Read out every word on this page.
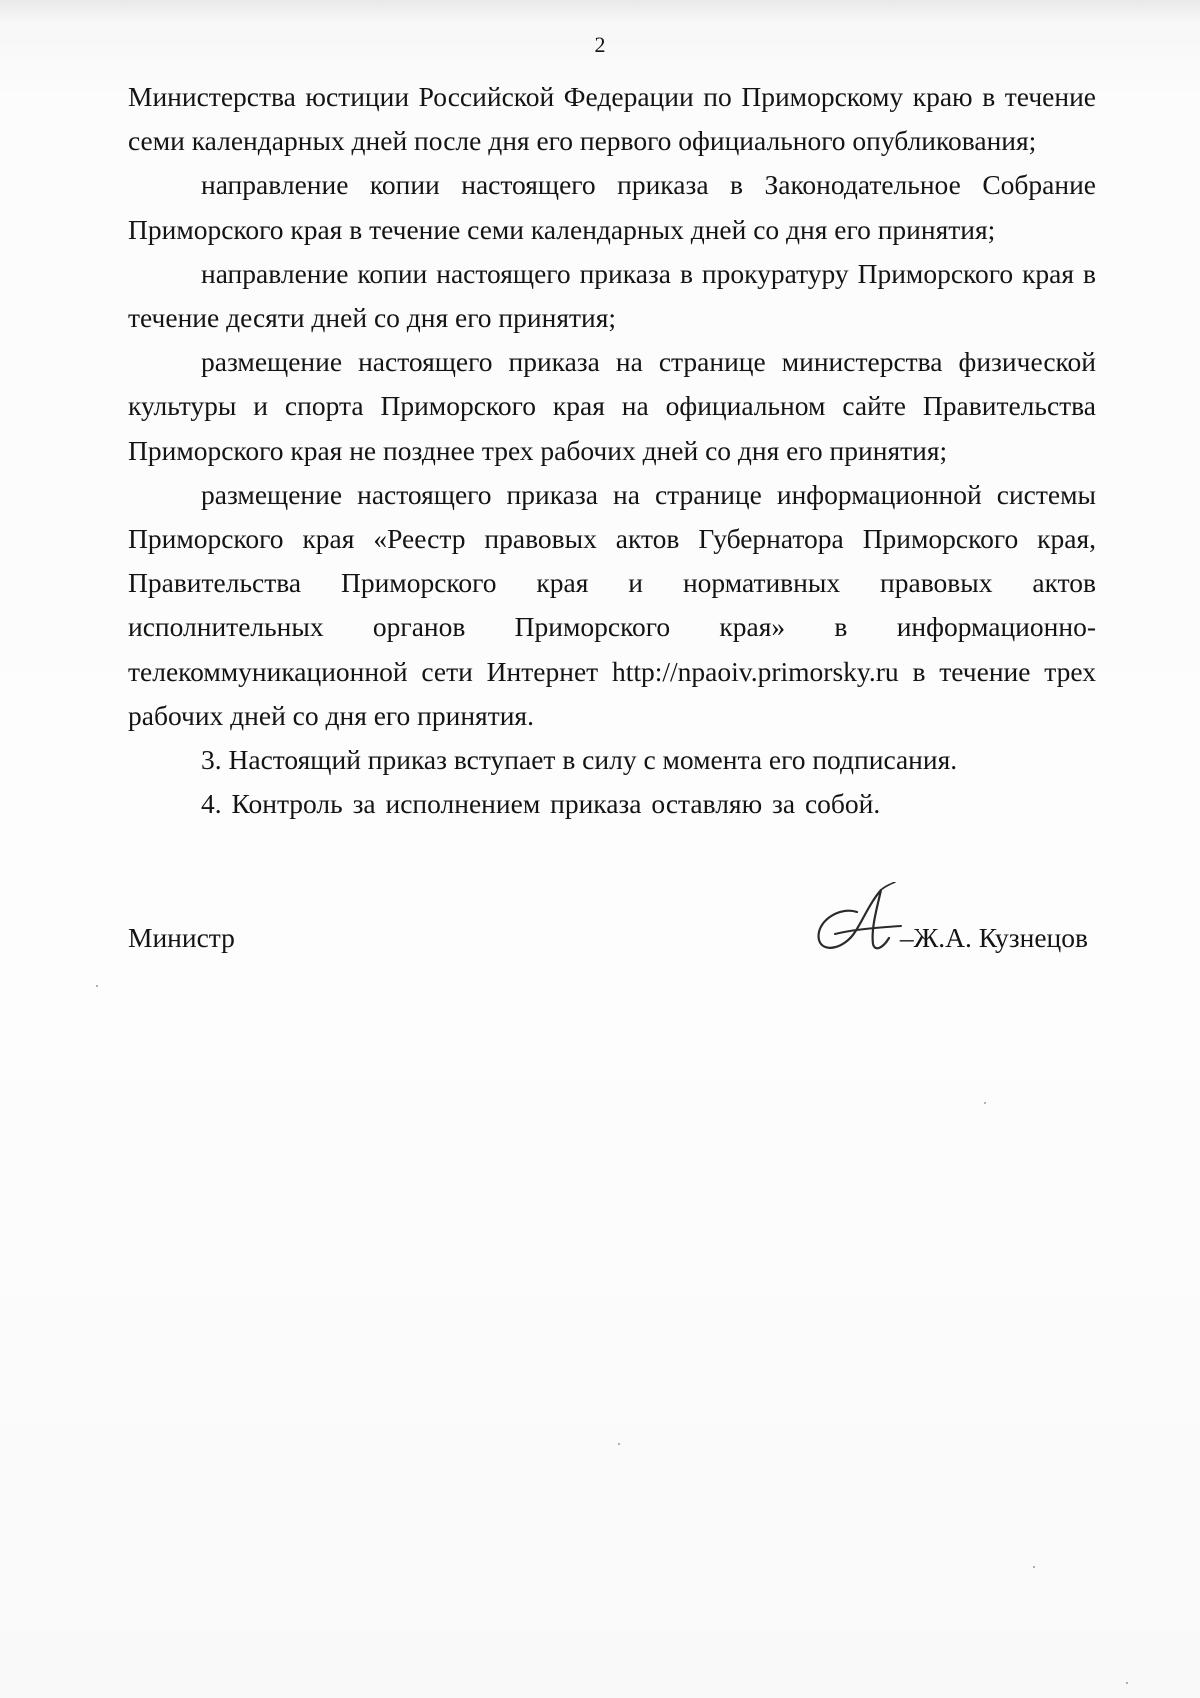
2

Министерства юстиции Российской Федерации по Приморскому краю в течение семи календарных дней после дня его первого официального опубликования;

направление копии настоящего приказа в Законодательное Собрание Приморского края в течение семи календарных дней со дня его принятия;

направление копии настоящего приказа в прокуратуру Приморского края в течение десяти дней со дня его принятия;

размещение настоящего приказа на странице министерства физической культуры и спорта Приморского края на официальном сайте Правительства Приморского края не позднее трех рабочих дней со дня его принятия;

размещение настоящего приказа на странице информационной системы Приморского края «Реестр правовых актов Губернатора Приморского края, Правительства Приморского края и нормативных правовых актов исполнительных органов Приморского края» в информационно-телекоммуникационной сети Интернет http://npaoiv.primorsky.ru в течение трех рабочих дней со дня его принятия.

3. Настоящий приказ вступает в силу с момента его подписания.

4. Контроль за исполнением приказа оставляю за собой.

Министр	–Ж.А. Кузнецов
